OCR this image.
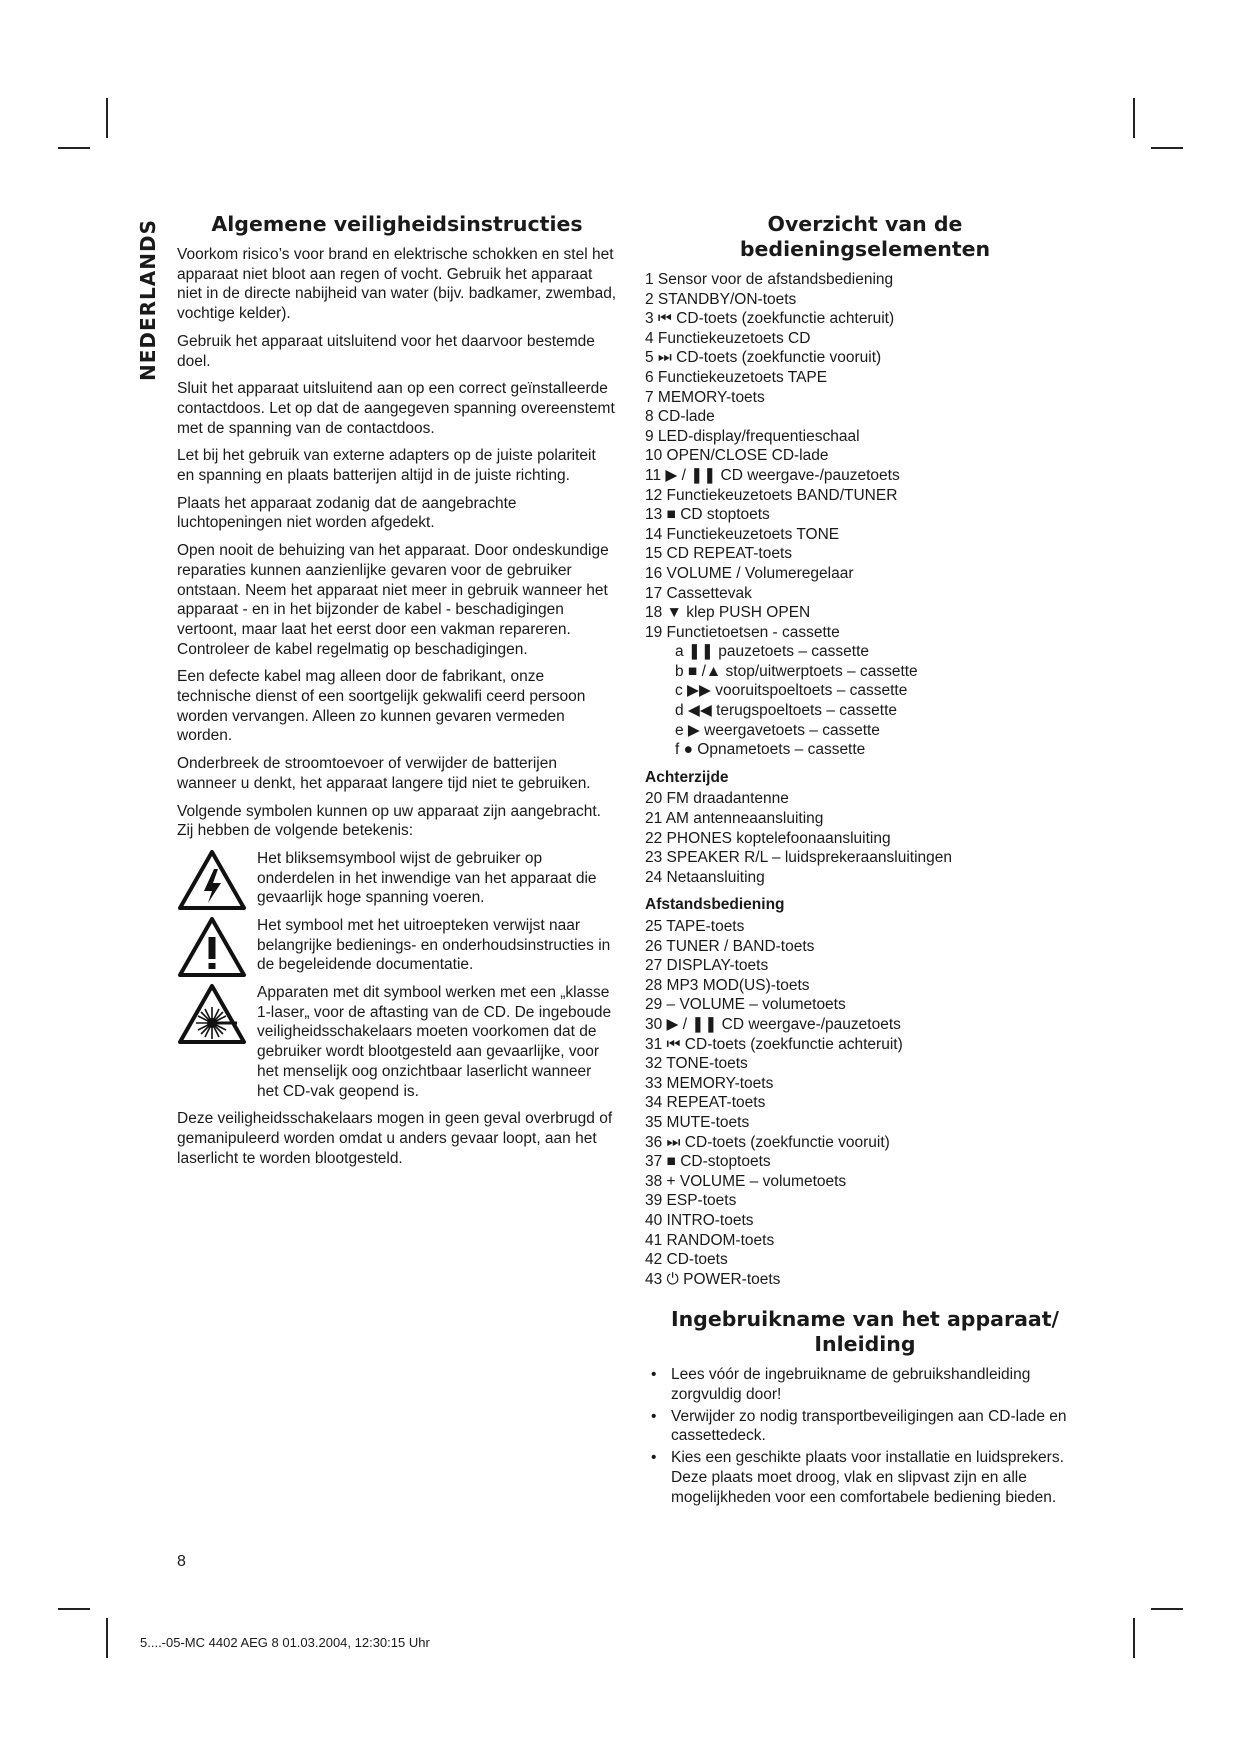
NEDERLANDS	Algemene veiligheidsinstructies

Voorkom risico’s voor brand en elektrische schokken en stel het apparaat niet bloot aan regen of vocht. Gebruik het apparaat niet in de directe nabijheid van water (bijv. badkamer, zwembad, vochtige kelder).

Gebruik het apparaat uitsluitend voor het daarvoor bestemde doel.

Sluit het apparaat uitsluitend aan op een correct geïnstalleerde contactdoos. Let op dat de aangegeven spanning overeenstemt met de spanning van de contactdoos.

Let bij het gebruik van externe adapters op de juiste polariteit en spanning en plaats batterijen altijd in de juiste richting.

Plaats het apparaat zodanig dat de aangebrachte luchtopeningen niet worden afgedekt.

Open nooit de behuizing van het apparaat. Door ondeskundige reparaties kunnen aanzienlijke gevaren voor de gebruiker ontstaan. Neem het apparaat niet meer in gebruik wanneer het apparaat - en in het bijzonder de kabel - beschadigingen vertoont, maar laat het eerst door een vakman repareren. Controleer de kabel regelmatig op beschadigingen.

Een defecte kabel mag alleen door de fabrikant, onze technische dienst of een soortgelijk gekwalifi ceerd persoon worden vervangen. Alleen zo kunnen gevaren vermeden worden.

Onderbreek de stroomtoevoer of verwijder de batterijen wanneer u denkt, het apparaat langere tijd niet te gebruiken.

Volgende symbolen kunnen op uw apparaat zijn aangebracht. Zij hebben de volgende betekenis:

Het bliksemsymbool wijst de gebruiker op onderdelen in het inwendige van het apparaat die gevaarlijk hoge spanning voeren.

Het symbool met het uitroepteken verwijst naar belangrijke bedienings- en onderhoudsinstructies in de begeleidende documentatie.

Apparaten met dit symbool werken met een „klasse 1-laser„ voor de aftasting van de CD. De ingeboude veiligheidsschakelaars moeten voorkomen dat de gebruiker wordt blootgesteld aan gevaarlijke, voor het menselijk oog onzichtbaar laserlicht wanneer het CD-vak geopend is.

Deze veiligheidsschakelaars mogen in geen geval overbrugd of gemanipuleerd worden omdat u anders gevaar loopt, aan het laserlicht te worden blootgesteld.

Overzicht van de
bedieningselementen
1 Sensor voor de afstandsbediening
2 STANDBY/ON-toets
3 ⏮ CD-toets (zoekfunctie achteruit)
4 Functiekeuzetoets CD
5 ⏭ CD-toets (zoekfunctie vooruit)
6 Functiekeuzetoets TAPE
7 MEMORY-toets
8 CD-lade
9 LED-display/frequentieschaal
10 OPEN/CLOSE CD-lade
11 ▶ / ❚❚ CD weergave-/pauzetoets
12 Functiekeuzetoets BAND/TUNER
13 ■ CD stoptoets
14 Functiekeuzetoets TONE
15 CD REPEAT-toets
16 VOLUME / Volumeregelaar
17 Cassettevak
18 ▼ klep PUSH OPEN
19 Functietoetsen - cassette
a ❚❚ pauzetoets – cassette
b ■ /▲ stop/uitwerptoets – cassette
c ▶▶ vooruitspoeltoets – cassette
d ◀◀ terugspoeltoets – cassette
e ▶ weergavetoets – cassette
f ● Opnametoets – cassette
Achterzijde
20 FM draadantenne
21 AM antenneaansluiting
22 PHONES koptelefoonaansluiting
23 SPEAKER R/L – luidsprekeraansluitingen
24 Netaansluiting
Afstandsbediening
25 TAPE-toets
26 TUNER / BAND-toets
27 DISPLAY-toets
28 MP3 MOD(US)-toets
29 – VOLUME – volumetoets
30 ▶ / ❚❚ CD weergave-/pauzetoets
31 ⏮ CD-toets (zoekfunctie achteruit)
32 TONE-toets
33 MEMORY-toets
34 REPEAT-toets
35 MUTE-toets
36 ⏭ CD-toets (zoekfunctie vooruit)
37 ■ CD-stoptoets
38 + VOLUME – volumetoets
39 ESP-toets
40 INTRO-toets
41 RANDOM-toets
42 CD-toets
43 ⏻ POWER-toets
Ingebruikname van het apparaat/
Inleiding
• Lees vóór de ingebruikname de gebruikshandleiding zorgvuldig door!
• Verwijder zo nodig transportbeveiligingen aan CD-lade en cassettedeck.
• Kies een geschikte plaats voor installatie en luidsprekers. Deze plaats moet droog, vlak en slipvast zijn en alle mogelijkheden voor een comfortabele bediening bieden.
8
5....-05-MC 4402 AEG 8 01.03.2004, 12:30:15 Uhr
